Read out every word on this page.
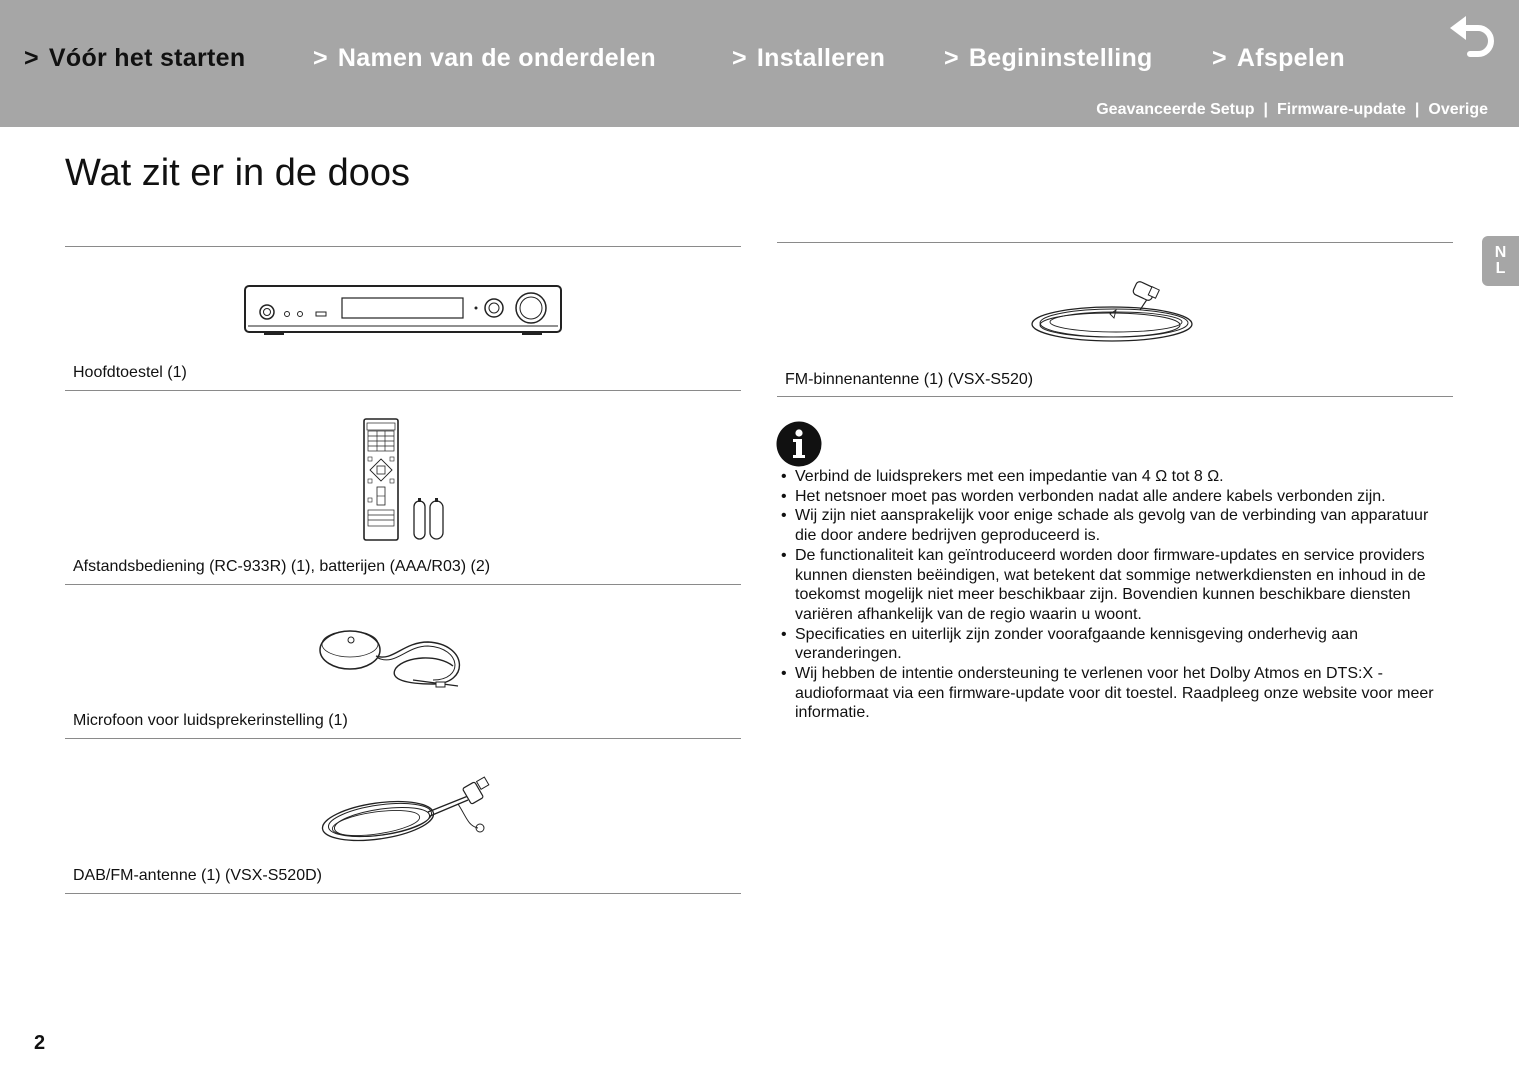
> Vóór het starten	> Namen van de onderdelen	> Installeren > Begininstelling > Afspelen
Geavanceerde Setup | Firmware-update | Overige
Wat zit er in de doos
N
L
Hoofdtoestel (1)
Afstandsbediening (RC-933R) (1), batterijen (AAA/R03) (2)
Microfoon voor luidsprekerinstelling (1)
DAB/FM-antenne (1) (VSX-S520D)
FM-binnenantenne (1) (VSX-S520)
• Verbind de luidsprekers met een impedantie van 4 Ω tot 8 Ω.
• Het netsnoer moet pas worden verbonden nadat alle andere kabels verbonden zijn.
• Wij zijn niet aansprakelijk voor enige schade als gevolg van de verbinding van apparatuur die door andere bedrijven geproduceerd is.
• De functionaliteit kan geïntroduceerd worden door firmware-updates en service providers kunnen diensten beëindigen, wat betekent dat sommige netwerkdiensten en inhoud in de toekomst mogelijk niet meer beschikbaar zijn. Bovendien kunnen beschikbare diensten variëren afhankelijk van de regio waarin u woont.
• Specificaties en uiterlijk zijn zonder voorafgaande kennisgeving onderhevig aan veranderingen.
• Wij hebben de intentie ondersteuning te verlenen voor het Dolby Atmos en DTS:X - audioformaat via een firmware-update voor dit toestel. Raadpleeg onze website voor meer informatie.
2
